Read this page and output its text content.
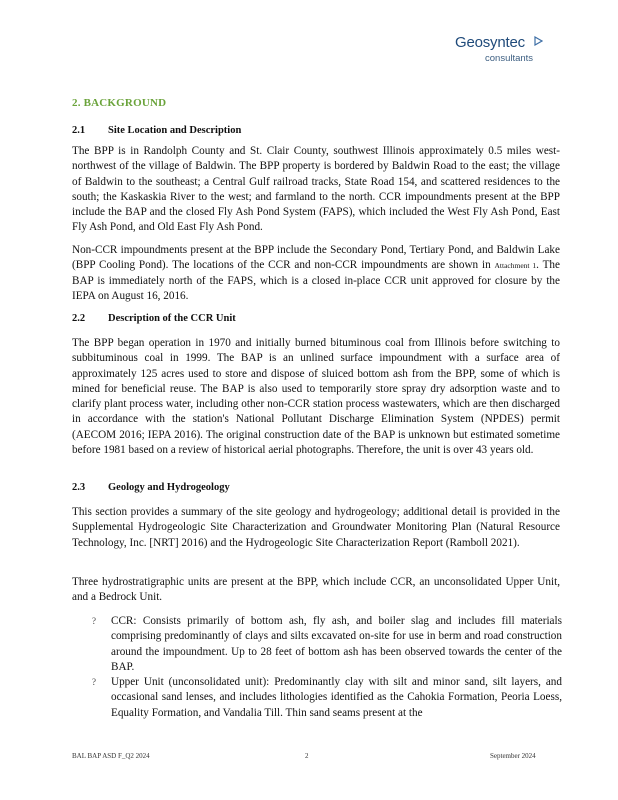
Geosyntec
consultants
2. BACKGROUND
2.1 Site Location and Description
The BPP is in Randolph County and St. Clair County, southwest Illinois approximately 0.5 miles west-northwest of the village of Baldwin. The BPP property is bordered by Baldwin Road to the east; the village of Baldwin to the southeast; a Central Gulf railroad tracks, State Road 154, and scattered residences to the south; the Kaskaskia River to the west; and farmland to the north. CCR impoundments present at the BPP include the BAP and the closed Fly Ash Pond System (FAPS), which included the West Fly Ash Pond, East Fly Ash Pond, and Old East Fly Ash Pond.
Non-CCR impoundments present at the BPP include the Secondary Pond, Tertiary Pond, and Baldwin Lake (BPP Cooling Pond). The locations of the CCR and non-CCR impoundments are shown in Attachment 1. The BAP is immediately north of the FAPS, which is a closed in-place CCR unit approved for closure by the IEPA on August 16, 2016.
2.2 Description of the CCR Unit
The BPP began operation in 1970 and initially burned bituminous coal from Illinois before switching to subbituminous coal in 1999. The BAP is an unlined surface impoundment with a surface area of approximately 125 acres used to store and dispose of sluiced bottom ash from the BPP, some of which is mined for beneficial reuse. The BAP is also used to temporarily store spray dry adsorption waste and to clarify plant process water, including other non-CCR station process wastewaters, which are then discharged in accordance with the station's National Pollutant Discharge Elimination System (NPDES) permit (AECOM 2016; IEPA 2016). The original construction date of the BAP is unknown but estimated sometime before 1981 based on a review of historical aerial photographs. Therefore, the unit is over 43 years old.
2.3 Geology and Hydrogeology
This section provides a summary of the site geology and hydrogeology; additional detail is provided in the Supplemental Hydrogeologic Site Characterization and Groundwater Monitoring Plan (Natural Resource Technology, Inc. [NRT] 2016) and the Hydrogeologic Site Characterization Report (Ramboll 2021).
Three hydrostratigraphic units are present at the BPP, which include CCR, an unconsolidated Upper Unit, and a Bedrock Unit.
? CCR: Consists primarily of bottom ash, fly ash, and boiler slag and includes fill materials comprising predominantly of clays and silts excavated on-site for use in berm and road construction around the impoundment. Up to 28 feet of bottom ash has been observed towards the center of the BAP.
? Upper Unit (unconsolidated unit): Predominantly clay with silt and minor sand, silt layers, and occasional sand lenses, and includes lithologies identified as the Cahokia Formation, Peoria Loess, Equality Formation, and Vandalia Till. Thin sand seams present at the
BAL BAP ASD F_Q2 2024	2	September 2024
